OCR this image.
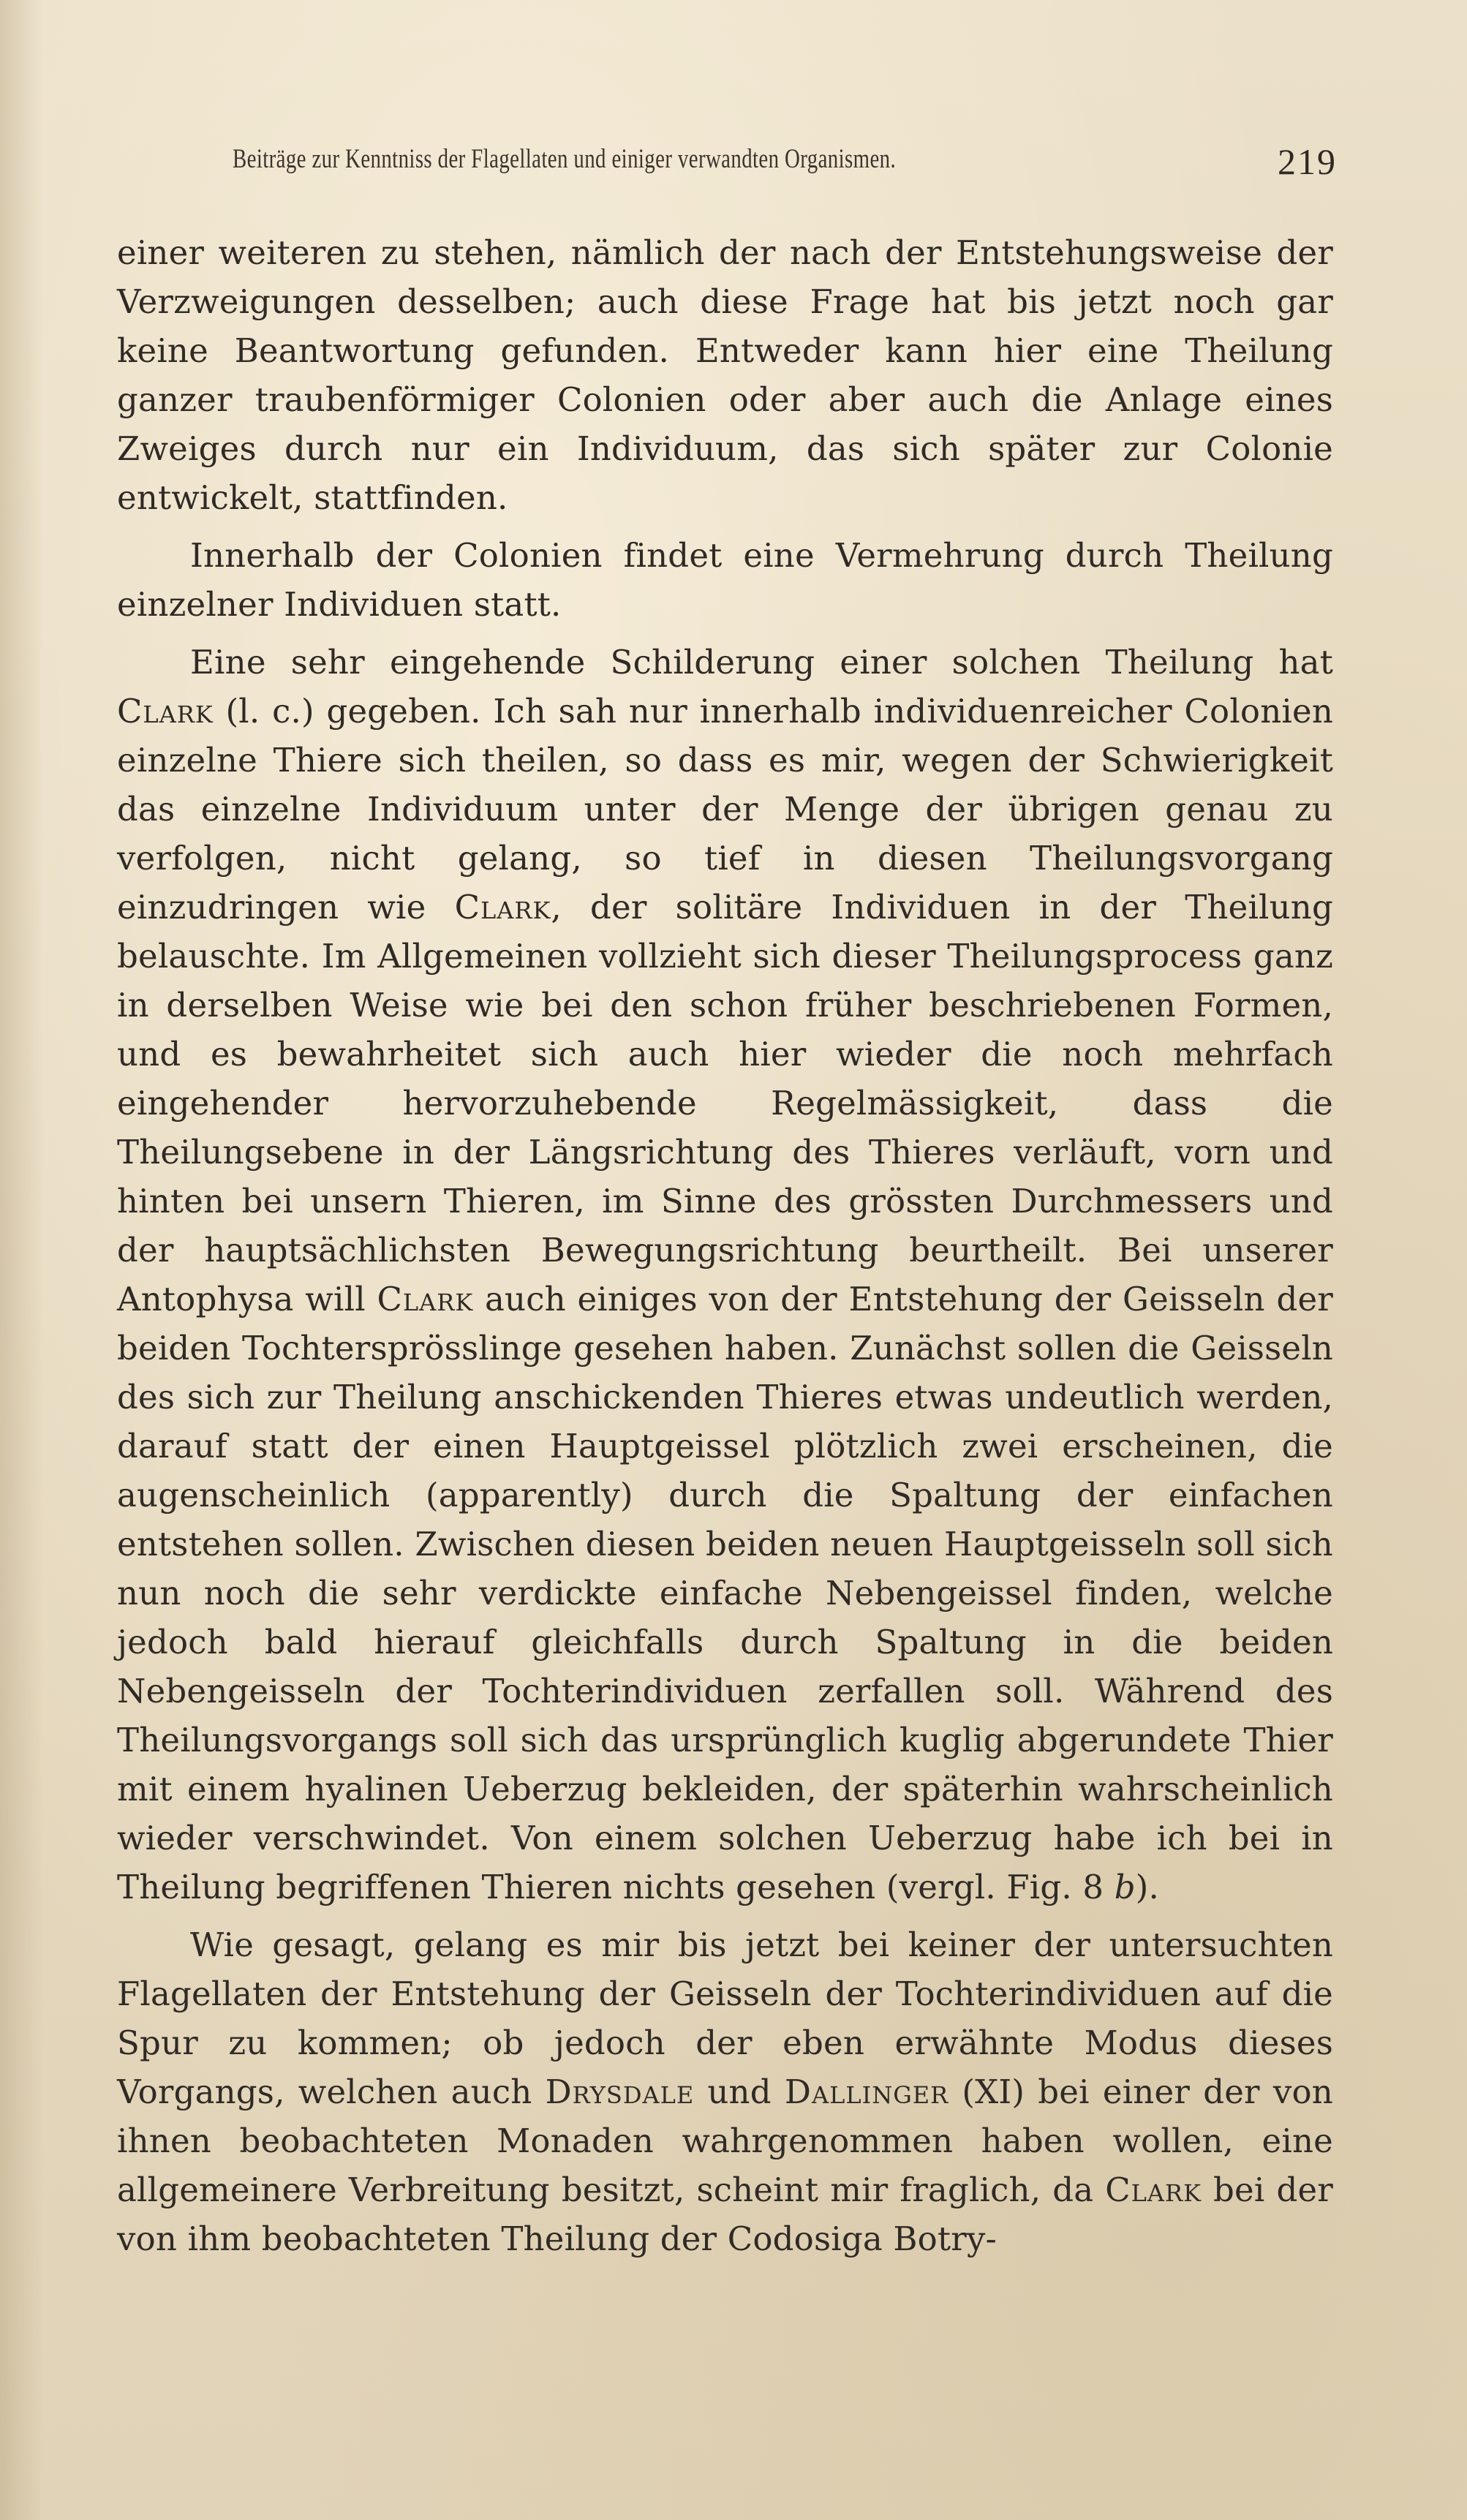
Beiträge zur Kenntniss der Flagellaten und einiger verwandten Organismen.	219

einer weiteren zu stehen, nämlich der nach der Entstehungsweise der Verzweigungen desselben; auch diese Frage hat bis jetzt noch gar keine Beantwortung gefunden. Entweder kann hier eine Theilung ganzer traubenförmiger Colonien oder aber auch die Anlage eines Zweiges durch nur ein Individuum, das sich später zur Colonie entwickelt, stattfinden.

Innerhalb der Colonien findet eine Vermehrung durch Theilung einzelner Individuen statt.

Eine sehr eingehende Schilderung einer solchen Theilung hat Clark (l. c.) gegeben. Ich sah nur innerhalb individuenreicher Colonien einzelne Thiere sich theilen, so dass es mir, wegen der Schwierigkeit das einzelne Individuum unter der Menge der übrigen genau zu verfolgen, nicht gelang, so tief in diesen Theilungsvorgang einzudringen wie Clark, der solitäre Individuen in der Theilung belauschte. Im Allgemeinen vollzieht sich dieser Theilungsprocess ganz in derselben Weise wie bei den schon früher beschriebenen Formen, und es bewahrheitet sich auch hier wieder die noch mehrfach eingehender hervorzuhebende Regelmässigkeit, dass die Theilungsebene in der Längsrichtung des Thieres verläuft, vorn und hinten bei unsern Thieren, im Sinne des grössten Durchmessers und der hauptsächlichsten Bewegungsrichtung beurtheilt. Bei unserer Antophysa will Clark auch einiges von der Entstehung der Geisseln der beiden Tochtersprösslinge gesehen haben. Zunächst sollen die Geisseln des sich zur Theilung anschickenden Thieres etwas undeutlich werden, darauf statt der einen Hauptgeissel plötzlich zwei erscheinen, die augenscheinlich (apparently) durch die Spaltung der einfachen entstehen sollen. Zwischen diesen beiden neuen Hauptgeisseln soll sich nun noch die sehr verdickte einfache Nebengeissel finden, welche jedoch bald hierauf gleichfalls durch Spaltung in die beiden Nebengeisseln der Tochterindividuen zerfallen soll. Während des Theilungsvorgangs soll sich das ursprünglich kuglig abgerundete Thier mit einem hyalinen Ueberzug bekleiden, der späterhin wahrscheinlich wieder verschwindet. Von einem solchen Ueberzug habe ich bei in Theilung begriffenen Thieren nichts gesehen (vergl. Fig. 8 b).

Wie gesagt, gelang es mir bis jetzt bei keiner der untersuchten Flagellaten der Entstehung der Geisseln der Tochterindividuen auf die Spur zu kommen; ob jedoch der eben erwähnte Modus dieses Vorgangs, welchen auch Drysdale und Dallinger (XI) bei einer der von ihnen beobachteten Monaden wahrgenommen haben wollen, eine allgemeinere Verbreitung besitzt, scheint mir fraglich, da Clark bei der von ihm beobachteten Theilung der Codosiga Botry-
